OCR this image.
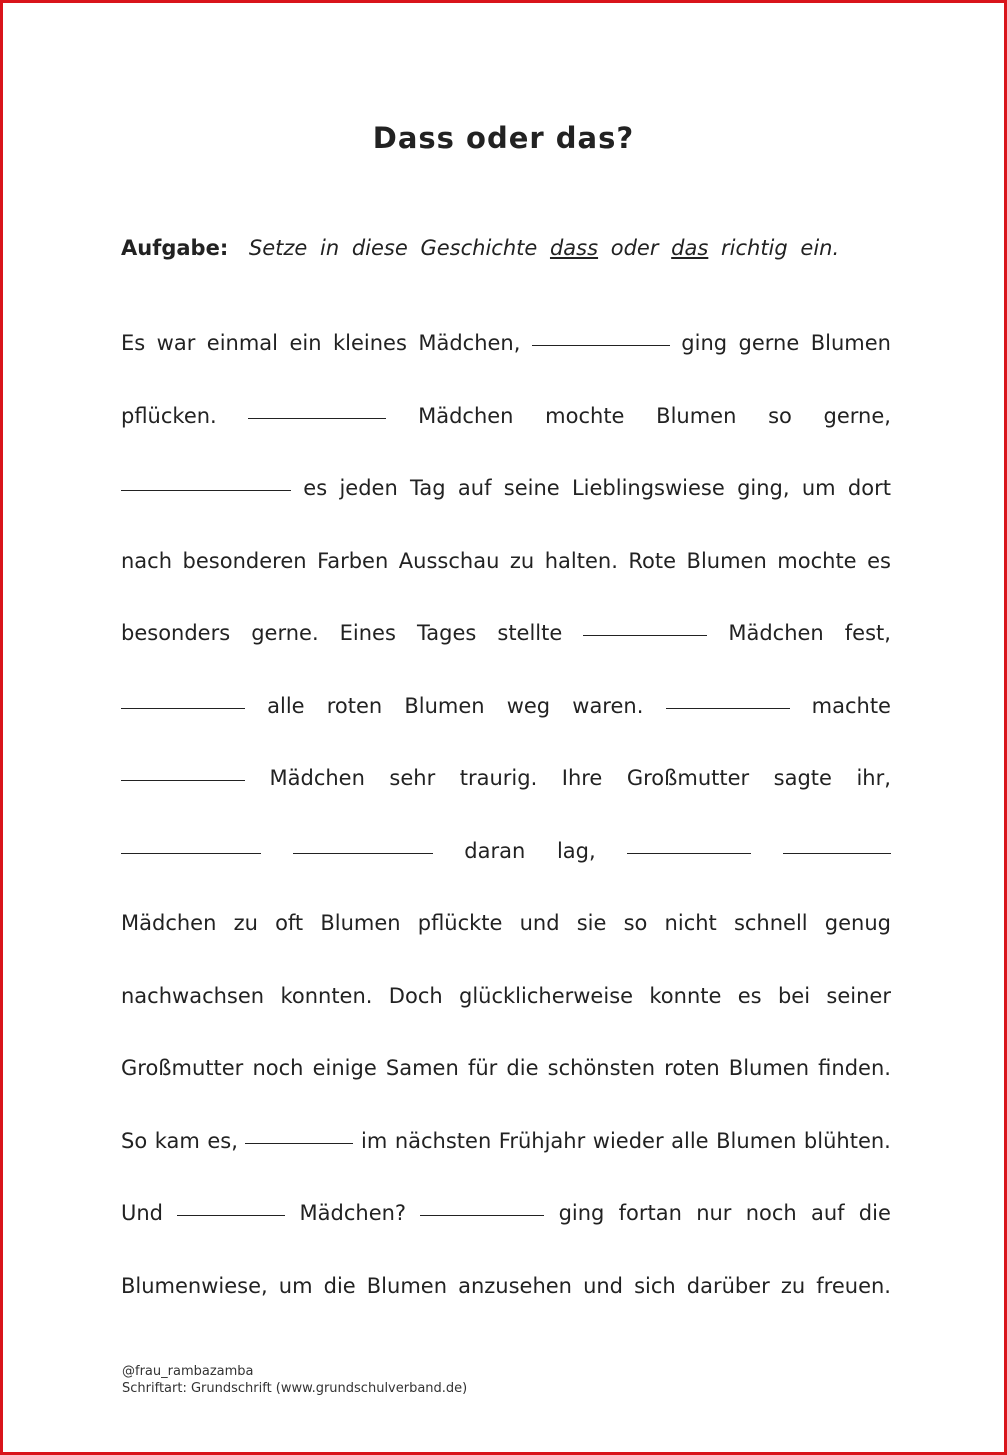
Dass oder das?
Aufgabe: Setze in diese Geschichte dass oder das richtig ein.
Es war einmal ein kleines Mädchen,	ging gerne Blumen
pflücken.	Mädchen mochte Blumen so gerne,
es jeden Tag auf seine Lieblingswiese ging, um dort
nach besonderen Farben Ausschau zu halten. Rote Blumen mochte es
besonders gerne. Eines Tages stellte	Mädchen fest,
alle roten Blumen weg waren.	machte
Mädchen sehr traurig. Ihre Großmutter sagte ihr,
daran lag,
Mädchen zu oft Blumen pflückte und sie so nicht schnell genug
nachwachsen konnten. Doch glücklicherweise konnte es bei seiner
Großmutter noch einige Samen für die schönsten roten Blumen finden.
So kam es,	im nächsten Frühjahr wieder alle Blumen blühten.
Und	Mädchen?	ging fortan nur noch auf die
Blumenwiese, um die Blumen anzusehen und sich darüber zu freuen.
@frau_rambazamba
Schriftart: Grundschrift (www.grundschulverband.de)
